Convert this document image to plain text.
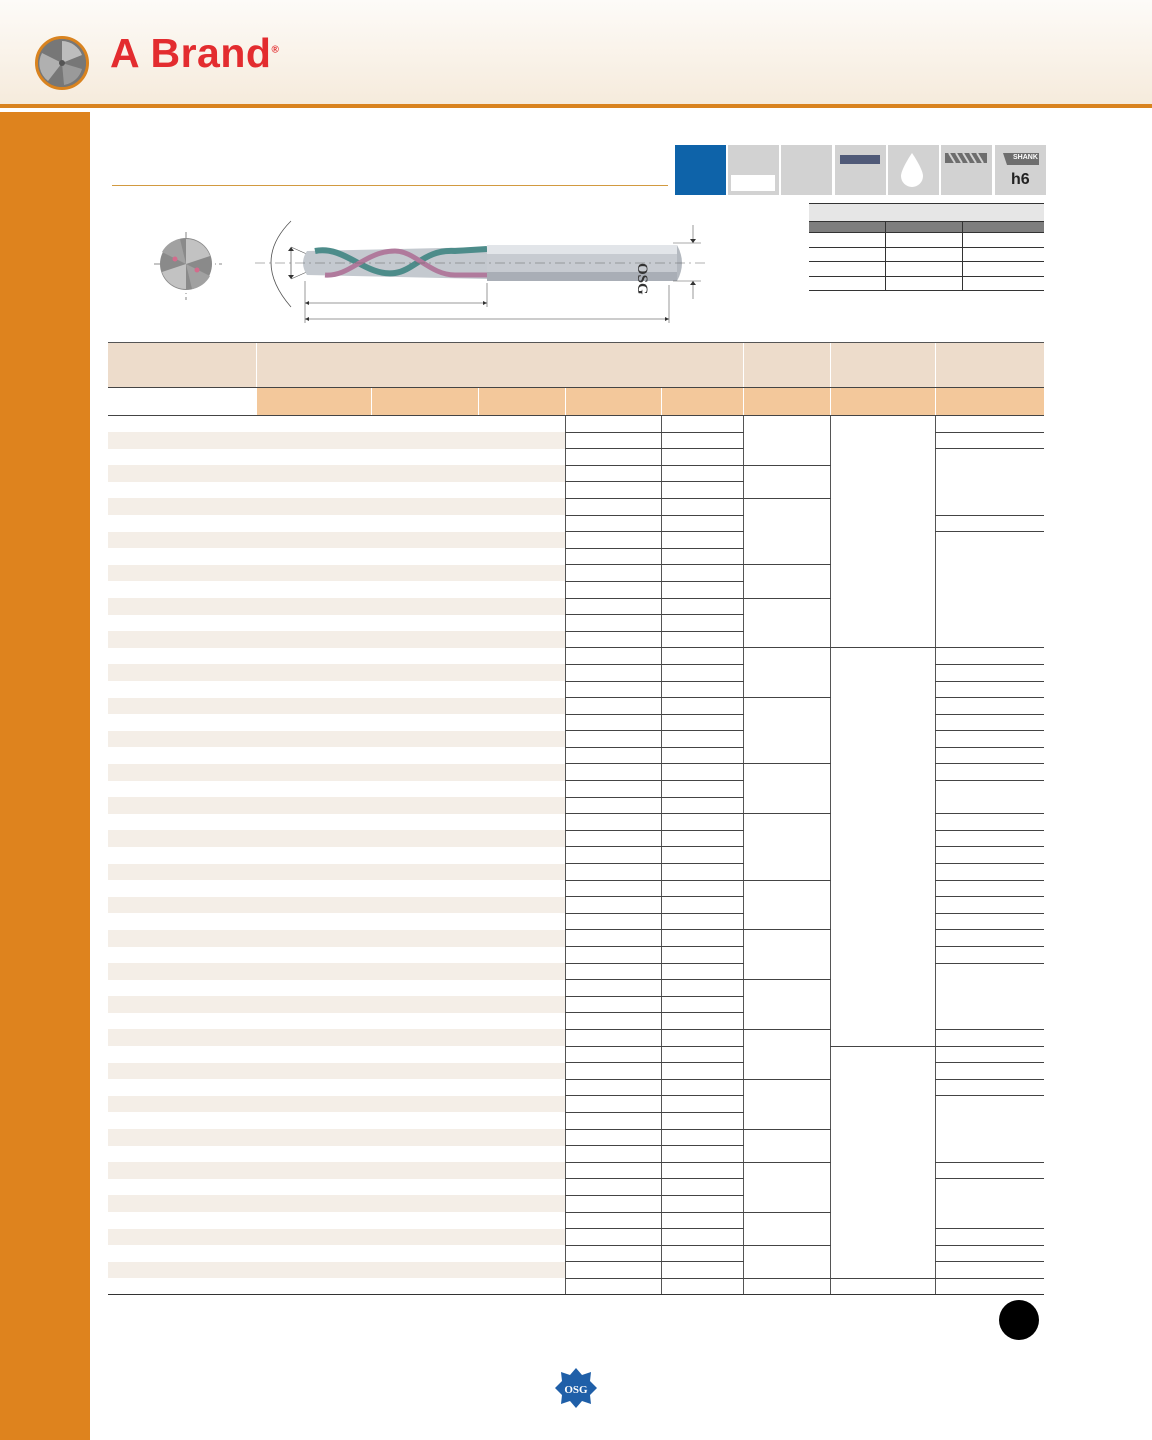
A Brand®
SHANK
h6
OSG

OSG
